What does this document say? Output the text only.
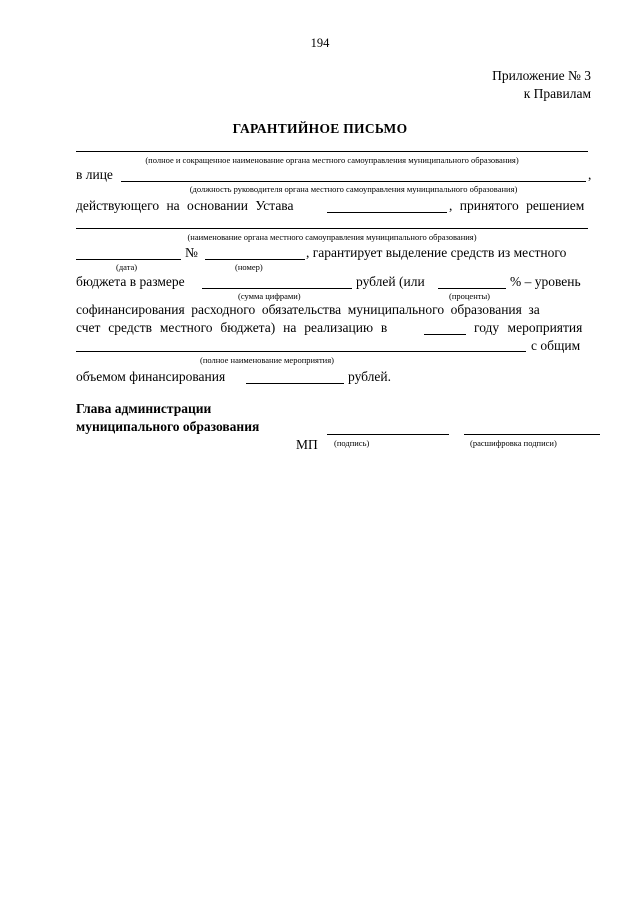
194
Приложение № 3
к Правилам
ГАРАНТИЙНОЕ ПИСЬМО
(полное и сокращенное наименование органа местного самоуправления муниципального образования)
в лице	,
(должность руководителя органа местного самоуправления муниципального образования)
действующего на основании Устава	, принятого решением
(наименование органа местного самоуправления муниципального образования)
№	, гарантирует выделение средств из местного
(дата)	(номер)
бюджета в размере	рублей (или	% – уровень
(сумма цифрами)	(проценты)
софинансирования расходного обязательства муниципального образования за
счет средств местного бюджета) на реализацию в	году мероприятия
с общим
(полное наименование мероприятия)
объемом финансирования	рублей.
Глава администрации
муниципального образования
МП (подпись)	(расшифровка подписи)
